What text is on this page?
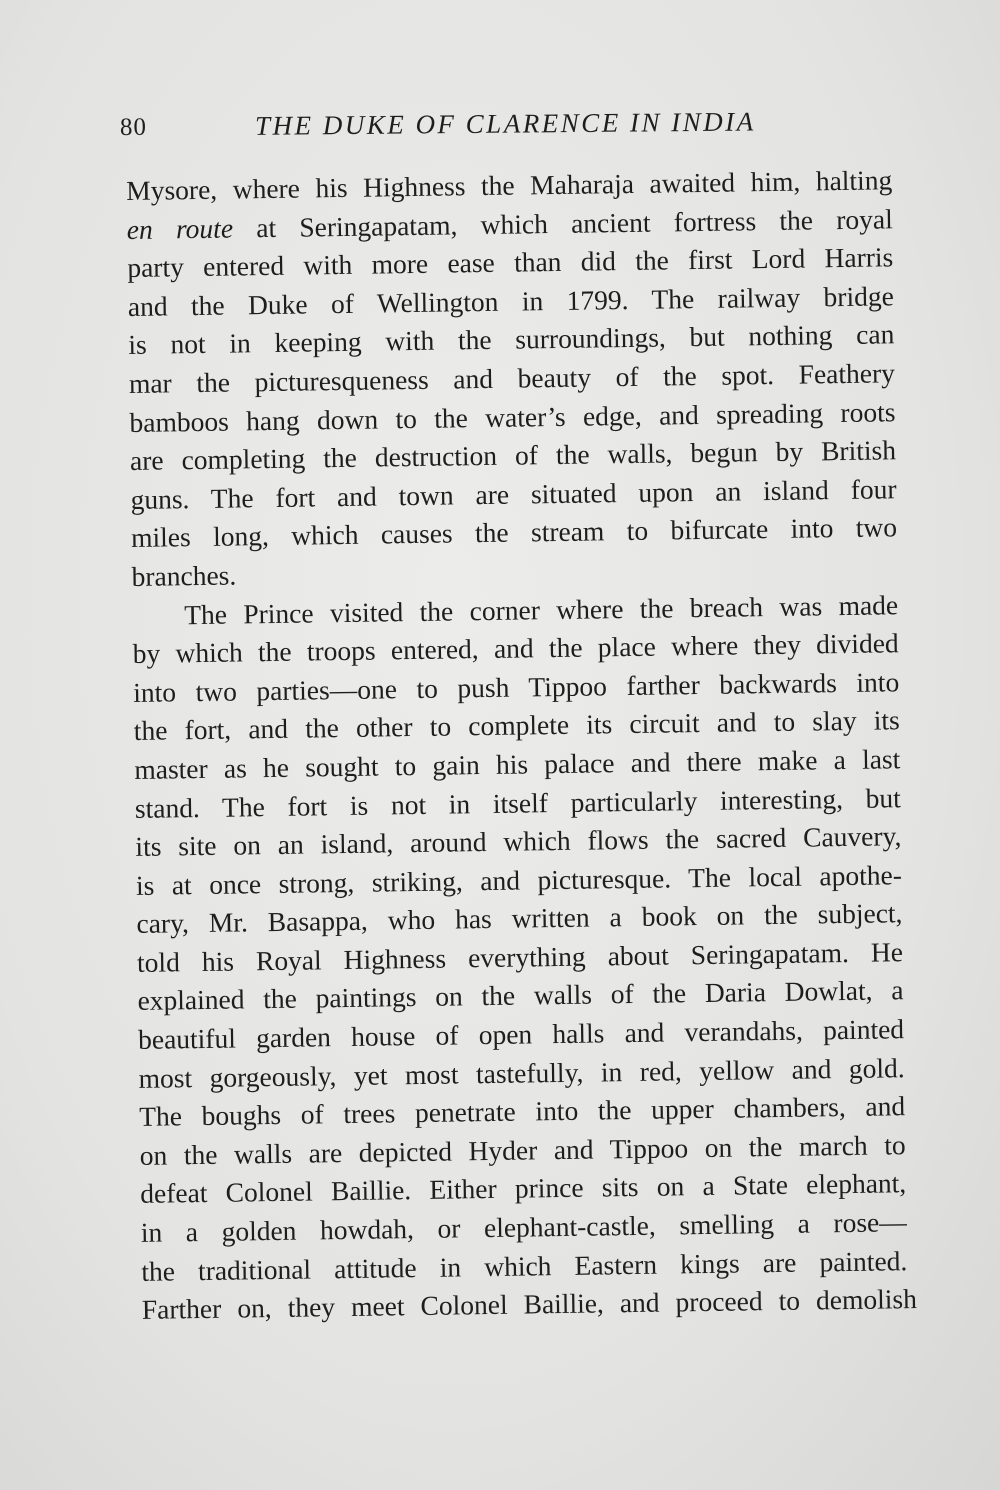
80	THE DUKE OF CLARENCE IN INDIA
Mysore, where his Highness the Maharaja awaited him, halting
en route at Seringapatam, which ancient fortress the royal
party entered with more ease than did the first Lord Harris
and the Duke of Wellington in 1799. The railway bridge
is not in keeping with the surroundings, but nothing can
mar the picturesqueness and beauty of the spot. Feathery
bamboos hang down to the water’s edge, and spreading roots
are completing the destruction of the walls, begun by British
guns. The fort and town are situated upon an island four
miles long, which causes the stream to bifurcate into two
branches.
The Prince visited the corner where the breach was made
by which the troops entered, and the place where they divided
into two parties—one to push Tippoo farther backwards into
the fort, and the other to complete its circuit and to slay its
master as he sought to gain his palace and there make a last
stand. The fort is not in itself particularly interesting, but
its site on an island, around which flows the sacred Cauvery,
is at once strong, striking, and picturesque. The local apothe-
cary, Mr. Basappa, who has written a book on the subject,
told his Royal Highness everything about Seringapatam. He
explained the paintings on the walls of the Daria Dowlat, a
beautiful garden house of open halls and verandahs, painted
most gorgeously, yet most tastefully, in red, yellow and gold.
The boughs of trees penetrate into the upper chambers, and
on the walls are depicted Hyder and Tippoo on the march to
defeat Colonel Baillie. Either prince sits on a State elephant,
in a golden howdah, or elephant-castle, smelling a rose—
the traditional attitude in which Eastern kings are painted.
Farther on, they meet Colonel Baillie, and proceed to demolish
